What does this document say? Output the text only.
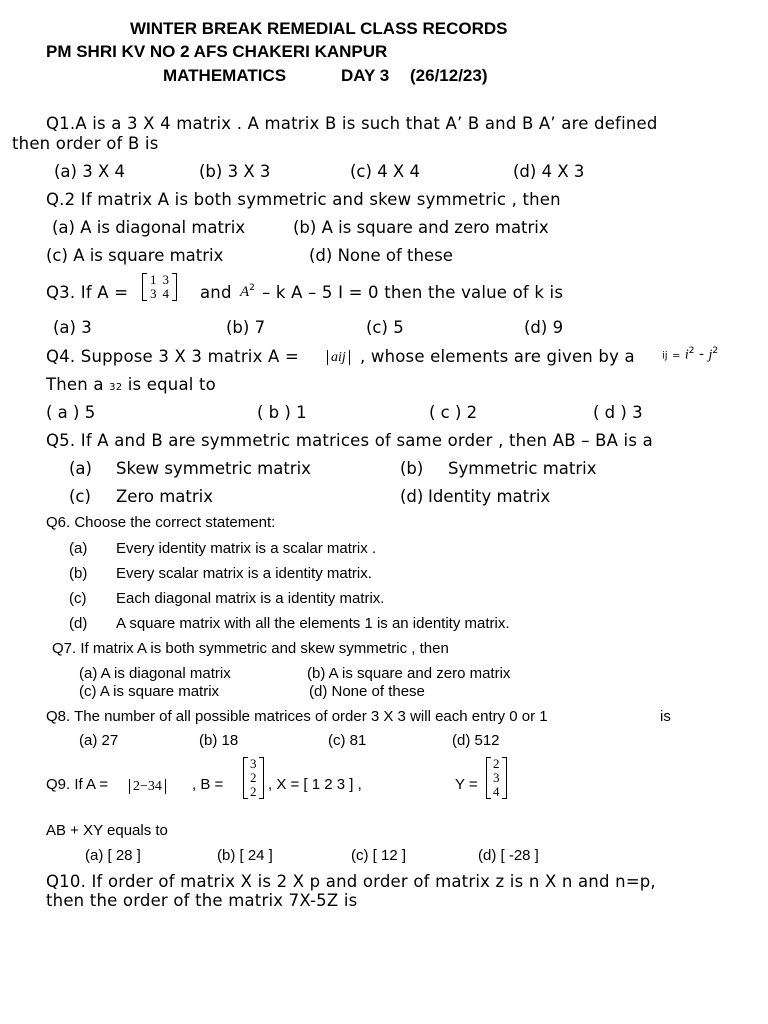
WINTER BREAK REMEDIAL CLASS RECORDS
PM SHRI KV NO 2 AFS CHAKERI KANPUR
MATHEMATICS	DAY 3 (26/12/23)
Q1.A is a 3 X 4 matrix . A matrix B is such that A’ B and B A’ are defined
then order of B is
(a) 3 X 4	(b) 3 X 3	(c) 4 X 4	(d) 4 X 3
Q.2 If matrix A is both symmetric and skew symmetric , then
(a) A is diagonal matrix	(b) A is square and zero matrix
(c) A is square matrix	(d) None of these
Q3. If A =
1	3
3	4 and $A^2$ – k A – 5 I = 0 then the value of k is
(a) 3	(b) 7	(c) 5	(d) 9
Q4. Suppose 3 X 3 matrix A = aij , whose elements are given by a	ij = $i^2 - j^2$
Then a 32 is equal to
( a ) 5	( b ) 1	( c ) 2	( d ) 3
Q5. If A and B are symmetric matrices of same order , then AB – BA is a
(a) Skew symmetric matrix	(b) Symmetric matrix
(c) Zero matrix	(d) Identity matrix
Q6. Choose the correct statement:
(a) Every identity matrix is a scalar matrix .
(b) Every scalar matrix is a identity matrix.
(c) Each diagonal matrix is a identity matrix.
(d) A square matrix with all the elements 1 is an identity matrix.
Q7. If matrix A is both symmetric and skew symmetric , then
(a) A is diagonal matrix	(b) A is square and zero matrix
(c) A is square matrix	(d) None of these
Q8. The number of all possible matrices of order 3 X 3 will each entry 0 or 1	is
(a) 27	(b) 18	(c) 81	(d) 512
Q9. If A = 2−34 , B =
3
2
2 , X = [ 1 2 3 ] ,	Y =
2
3
4
AB + XY equals to
(a) [ 28 ]	(b) [ 24 ]	(c) [ 12 ]	(d) [ -28 ]
Q10. If order of matrix X is 2 X p and order of matrix z is n X n and n=p,
then the order of the matrix 7X-5Z is
